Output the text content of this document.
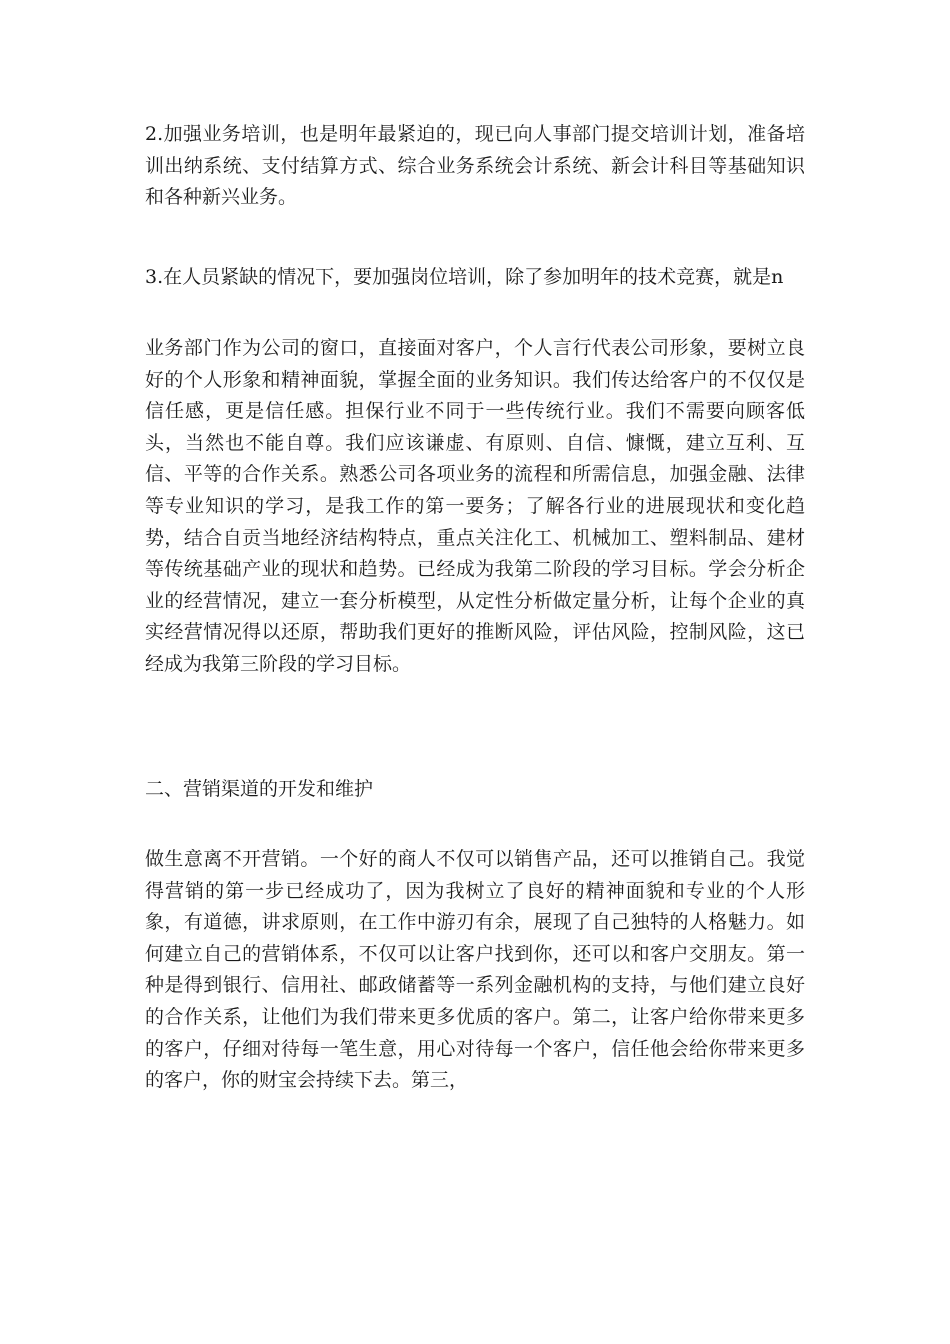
2.加强业务培训，也是明年最紧迫的，现已向人事部门提交培训计划，准备培训出纳系统、支付结算方式、综合业务系统会计系统、新会计科目等基础知识和各种新兴业务。

3.在人员紧缺的情况下，要加强岗位培训，除了参加明年的技术竞赛，就是n

业务部门作为公司的窗口，直接面对客户，个人言行代表公司形象，要树立良好的个人形象和精神面貌，掌握全面的业务知识。我们传达给客户的不仅仅是信任感，更是信任感。担保行业不同于一些传统行业。我们不需要向顾客低头，当然也不能自尊。我们应该谦虚、有原则、自信、慷慨，建立互利、互信、平等的合作关系。熟悉公司各项业务的流程和所需信息，加强金融、法律等专业知识的学习，是我工作的第一要务；了解各行业的进展现状和变化趋势，结合自贡当地经济结构特点，重点关注化工、机械加工、塑料制品、建材等传统基础产业的现状和趋势。已经成为我第二阶段的学习目标。学会分析企业的经营情况，建立一套分析模型，从定性分析做定量分析，让每个企业的真实经营情况得以还原，帮助我们更好的推断风险，评估风险，控制风险，这已经成为我第三阶段的学习目标。

二、营销渠道的开发和维护

做生意离不开营销。一个好的商人不仅可以销售产品，还可以推销自己。我觉得营销的第一步已经成功了，因为我树立了良好的精神面貌和专业的个人形象，有道德，讲求原则，在工作中游刃有余，展现了自己独特的人格魅力。如何建立自己的营销体系，不仅可以让客户找到你，还可以和客户交朋友。第一种是得到银行、信用社、邮政储蓄等一系列金融机构的支持，与他们建立良好的合作关系，让他们为我们带来更多优质的客户。第二，让客户给你带来更多的客户，仔细对待每一笔生意，用心对待每一个客户，信任他会给你带来更多的客户，你的财宝会持续下去。第三，
